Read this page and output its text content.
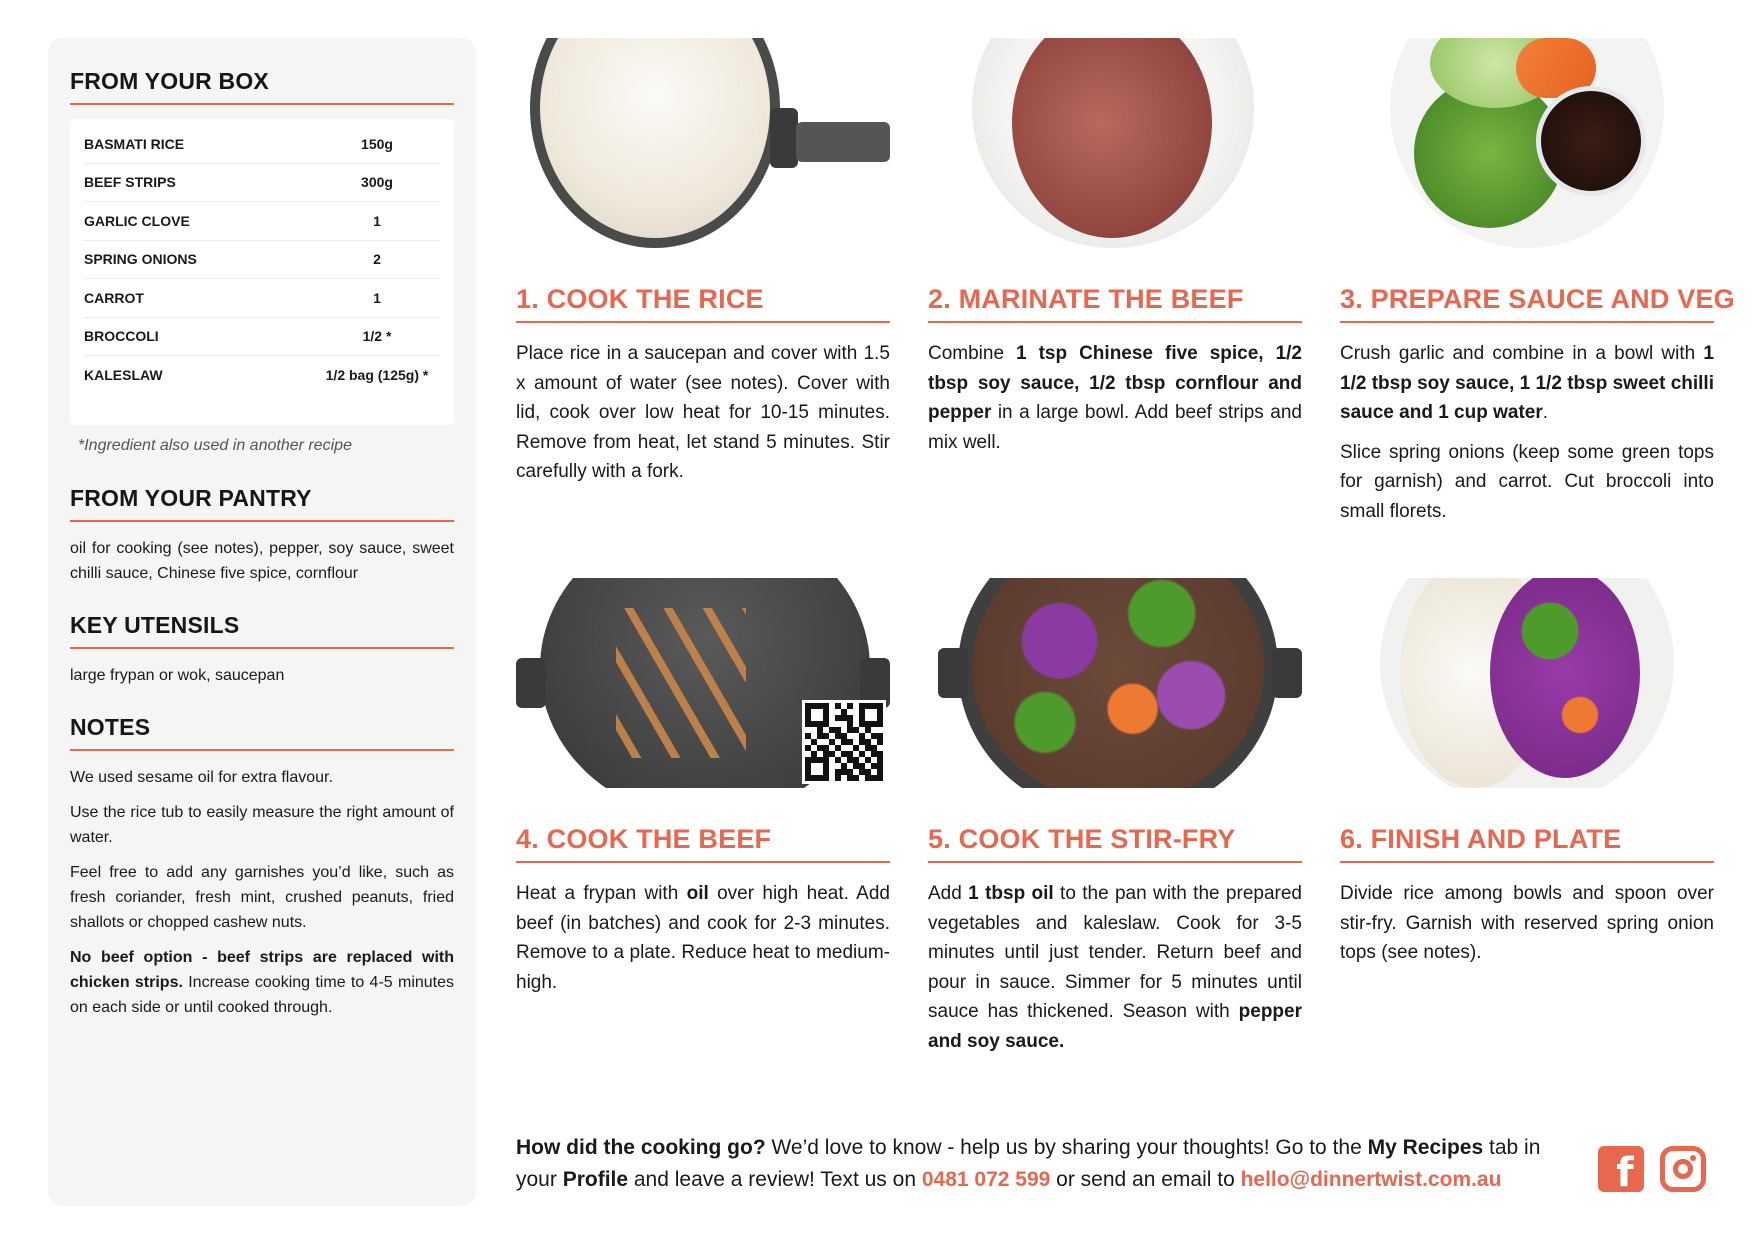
FROM YOUR BOX
BASMATI RICE	150g
BEEF STRIPS	300g
GARLIC CLOVE	1
SPRING ONIONS	2
CARROT	1
BROCCOLI	1/2 *
KALESLAW	1/2 bag (125g) *
*Ingredient also used in another recipe
FROM YOUR PANTRY
oil for cooking (see notes), pepper, soy sauce, sweet chilli sauce, Chinese five spice, cornflour
KEY UTENSILS
large frypan or wok, saucepan
NOTES
We used sesame oil for extra flavour.
Use the rice tub to easily measure the right amount of water.
Feel free to add any garnishes you’d like, such as fresh coriander, fresh mint, crushed peanuts, fried shallots or chopped cashew nuts.
No beef option - beef strips are replaced with chicken strips. Increase cooking time to 4-5 minutes on each side or until cooked through.
1. COOK THE RICE

Place rice in a saucepan and cover with 1.5 x amount of water (see notes). Cover with lid, cook over low heat for 10-15 minutes. Remove from heat, let stand 5 minutes. Stir carefully with a fork.

2. MARINATE THE BEEF

Combine 1 tsp Chinese five spice, 1/2 tbsp soy sauce, 1/2 tbsp cornflour and pepper in a large bowl. Add beef strips and mix well.

3. PREPARE SAUCE AND VEG

Crush garlic and combine in a bowl with 1 1/2 tbsp soy sauce, 1 1/2 tbsp sweet chilli sauce and 1 cup water.

Slice spring onions (keep some green tops for garnish) and carrot. Cut broccoli into small florets.

4. COOK THE BEEF

Heat a frypan with oil over high heat. Add beef (in batches) and cook for 2-3 minutes. Remove to a plate. Reduce heat to medium-high.

5. COOK THE STIR-FRY

Add 1 tbsp oil to the pan with the prepared vegetables and kaleslaw. Cook for 3-5 minutes until just tender. Return beef and pour in sauce. Simmer for 5 minutes until sauce has thickened. Season with pepper and soy sauce.

6. FINISH AND PLATE

Divide rice among bowls and spoon over stir-fry. Garnish with reserved spring onion tops (see notes).

How did the cooking go? We’d love to know - help us by sharing your thoughts! Go to the My Recipes tab in your Profile and leave a review! Text us on 0481 072 599 or send an email to hello@dinnertwist.com.au	f
